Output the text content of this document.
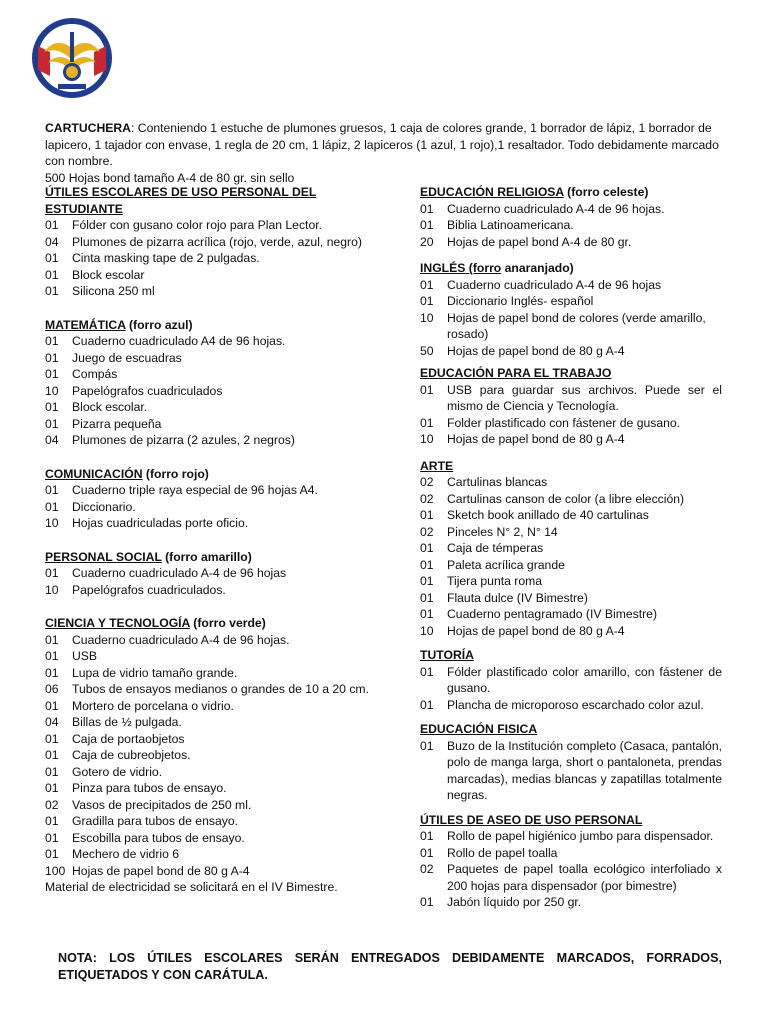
CARTUCHERA: Conteniendo 1 estuche de plumones gruesos, 1 caja de colores grande, 1 borrador de lápiz, 1 borrador de lapicero, 1 tajador con envase, 1 regla de 20 cm, 1 lápiz, 2 lapiceros (1 azul, 1 rojo),1 resaltador. Todo debidamente marcado con nombre.

500 Hojas bond tamaño A-4 de 80 gr. sin sello

ÚTILES ESCOLARES DE USO PERSONAL DEL ESTUDIANTE
01	Fólder con gusano color rojo para Plan Lector.
04	Plumones de pizarra acrílica (rojo, verde, azul, negro)
01	Cinta masking tape de 2 pulgadas.
01	Block escolar
01	Silicona 250 ml
MATEMÁTICA (forro azul)
01	Cuaderno cuadriculado A4 de 96 hojas.
01	Juego de escuadras
01	Compás
10	Papelógrafos cuadriculados
01	Block escolar.
01	Pizarra pequeña
04	Plumones de pizarra (2 azules, 2 negros)
COMUNICACIÓN (forro rojo)
01	Cuaderno triple raya especial de 96 hojas A4.
01	Diccionario.
10	Hojas cuadriculadas porte oficio.
PERSONAL SOCIAL (forro amarillo)
01	Cuaderno cuadriculado A-4 de 96 hojas
10	Papelógrafos cuadriculados.
CIENCIA Y TECNOLOGÍA (forro verde)
01	Cuaderno cuadriculado A-4 de 96 hojas.
01	USB
01	Lupa de vidrio tamaño grande.
06	Tubos de ensayos medianos o grandes de 10 a 20 cm.
01	Mortero de porcelana o vidrio.
04	Billas de ½ pulgada.
01	Caja de portaobjetos
01	Caja de cubreobjetos.
01	Gotero de vidrio.
01	Pinza para tubos de ensayo.
02	Vasos de precipitados de 250 ml.
01	Gradilla para tubos de ensayo.
01	Escobilla para tubos de ensayo.
01	Mechero de vidrio 6
100 Hojas de papel bond de 80 g A-4

Material de electricidad se solicitará en el IV Bimestre.

EDUCACIÓN RELIGIOSA (forro celeste)
01	Cuaderno cuadriculado A-4 de 96 hojas.
01	Biblia Latinoamericana.
20	Hojas de papel bond A-4 de 80 gr.
INGLÉS (forro anaranjado)
01	Cuaderno cuadriculado A-4 de 96 hojas
01	Diccionario Inglés- español
10	Hojas de papel bond de colores (verde amarillo, rosado)
50	Hojas de papel bond de 80 g A-4
EDUCACIÓN PARA EL TRABAJO
01	USB para guardar sus archivos. Puede ser el mismo de Ciencia y Tecnología.
01	Folder plastificado con fástener de gusano.
10	Hojas de papel bond de 80 g A-4
ARTE
02	Cartulinas blancas
02	Cartulinas canson de color (a libre elección)
01	Sketch book anillado de 40 cartulinas
02	Pinceles N° 2, N° 14
01	Caja de témperas
01	Paleta acrílica grande
01	Tijera punta roma
01	Flauta dulce (IV Bimestre)
01	Cuaderno pentagramado (IV Bimestre)
10	Hojas de papel bond de 80 g A-4
TUTORÍA
01	Fólder plastificado color amarillo, con fástener de gusano.
01	Plancha de microporoso escarchado color azul.
EDUCACIÓN FISICA
01	Buzo de la Institución completo (Casaca, pantalón, polo de manga larga, short o pantaloneta, prendas marcadas), medias blancas y zapatillas totalmente negras.
ÚTILES DE ASEO DE USO PERSONAL
01	Rollo de papel higiénico jumbo para dispensador.
01	Rollo de papel toalla
02	Paquetes de papel toalla ecológico interfoliado x 200 hojas para dispensador (por bimestre)
01	Jabón líquido por 250 gr.
NOTA: LOS ÚTILES ESCOLARES SERÁN ENTREGADOS DEBIDAMENTE MARCADOS, FORRADOS, ETIQUETADOS Y CON CARÁTULA.
